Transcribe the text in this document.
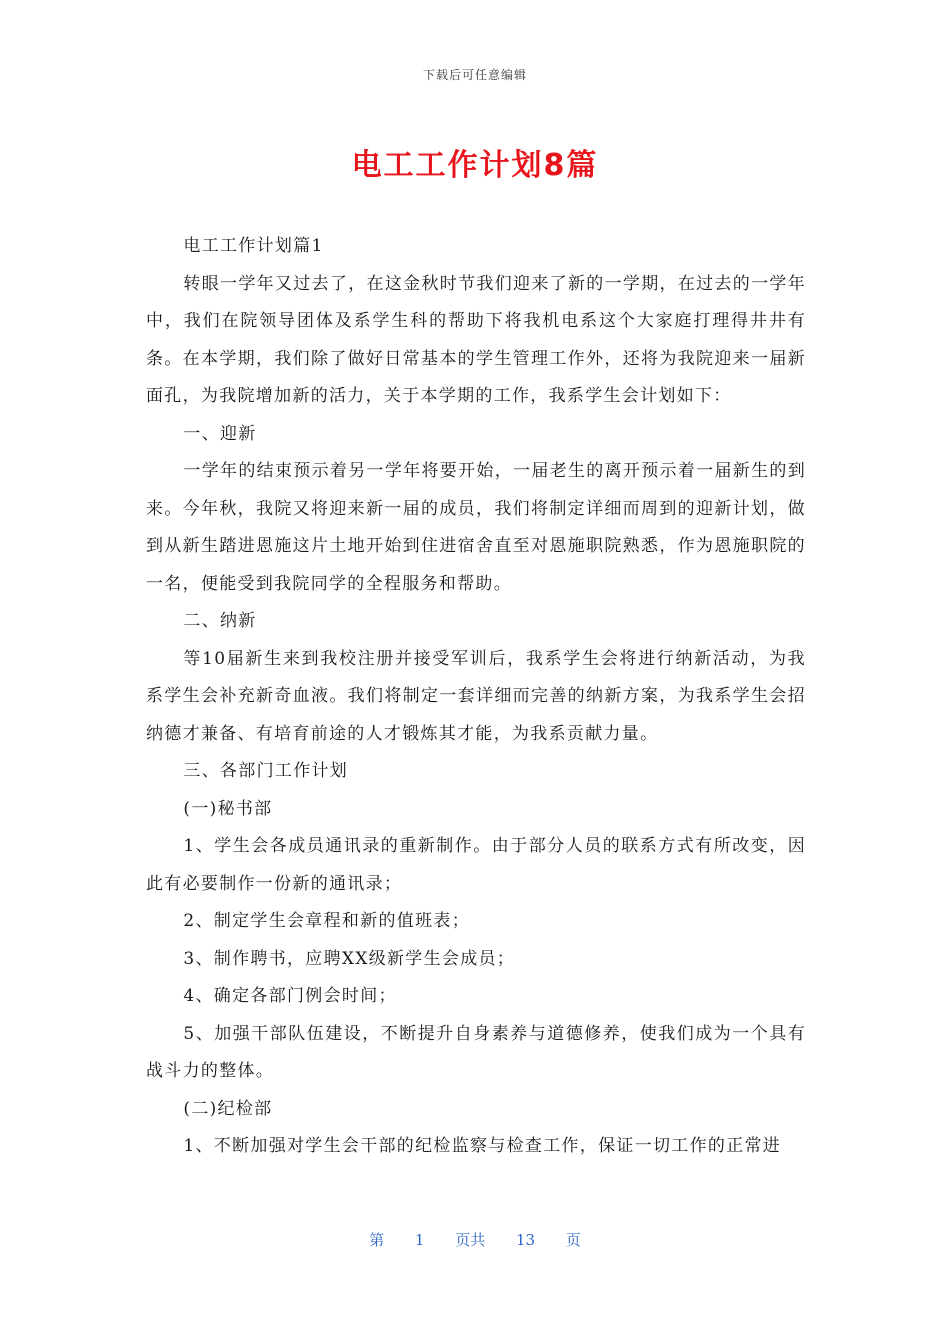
下载后可任意编辑
电工工作计划8篇

电工工作计划篇1

转眼一学年又过去了，在这金秋时节我们迎来了新的一学期，在过去的一学年中，我们在院领导团体及系学生科的帮助下将我机电系这个大家庭打理得井井有条。在本学期，我们除了做好日常基本的学生管理工作外，还将为我院迎来一届新面孔，为我院增加新的活力，关于本学期的工作，我系学生会计划如下：

一、迎新

一学年的结束预示着另一学年将要开始，一届老生的离开预示着一届新生的到来。今年秋，我院又将迎来新一届的成员，我们将制定详细而周到的迎新计划，做到从新生踏进恩施这片土地开始到住进宿舍直至对恩施职院熟悉，作为恩施职院的一名，便能受到我院同学的全程服务和帮助。

二、纳新

等10届新生来到我校注册并接受军训后，我系学生会将进行纳新活动，为我系学生会补充新奇血液。我们将制定一套详细而完善的纳新方案，为我系学生会招纳德才兼备、有培育前途的人才锻炼其才能，为我系贡献力量。

三、各部门工作计划

(一)秘书部

1、学生会各成员通讯录的重新制作。由于部分人员的联系方式有所改变，因此有必要制作一份新的通讯录；

2、制定学生会章程和新的值班表；

3、制作聘书，应聘XX级新学生会成员；

4、确定各部门例会时间；

5、加强干部队伍建设，不断提升自身素养与道德修养，使我们成为一个具有战斗力的整体。

(二)纪检部

1、不断加强对学生会干部的纪检监察与检查工作，保证一切工作的正常进

第 1 页共 13 页
